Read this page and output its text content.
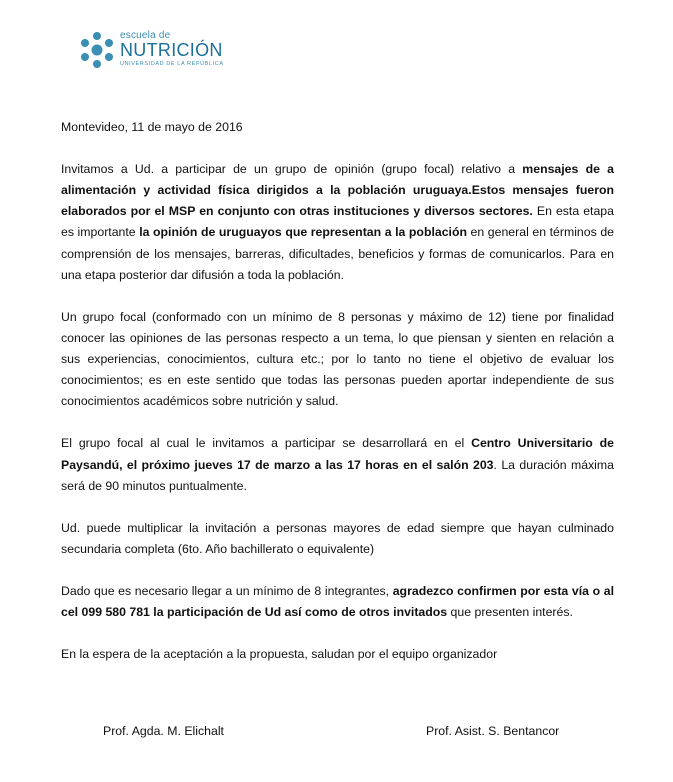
escuela de
NUTRICIÓN
UNIVERSIDAD DE LA REPÚBLICA

Montevideo, 11 de mayo de 2016

Invitamos a Ud. a participar de un grupo de opinión (grupo focal) relativo a mensajes de a alimentación y actividad física dirigidos a la población uruguaya.Estos mensajes fueron elaborados por el MSP en conjunto con otras instituciones y diversos sectores. En esta etapa es importante la opinión de uruguayos que representan a la población en general en términos de comprensión de los mensajes, barreras, dificultades, beneficios y formas de comunicarlos. Para en una etapa posterior dar difusión a toda la población.

Un grupo focal (conformado con un mínimo de 8 personas y máximo de 12) tiene por finalidad conocer las opiniones de las personas respecto a un tema, lo que piensan y sienten en relación a sus experiencias, conocimientos, cultura etc.; por lo tanto no tiene el objetivo de evaluar los conocimientos; es en este sentido que todas las personas pueden aportar independiente de sus conocimientos académicos sobre nutrición y salud.

El grupo focal al cual le invitamos a participar se desarrollará en el Centro Universitario de Paysandú, el próximo jueves 17 de marzo a las 17 horas en el salón 203. La duración máxima será de 90 minutos puntualmente.

Ud. puede multiplicar la invitación a personas mayores de edad siempre que hayan culminado secundaria completa (6to. Año bachillerato o equivalente)

Dado que es necesario llegar a un mínimo de 8 integrantes, agradezco confirmen por esta vía o al cel 099 580 781 la participación de Ud así como de otros invitados que presenten interés.

En la espera de la aceptación a la propuesta, saludan por el equipo organizador

Prof. Agda. M. Elichalt	Prof. Asist. S. Bentancor
